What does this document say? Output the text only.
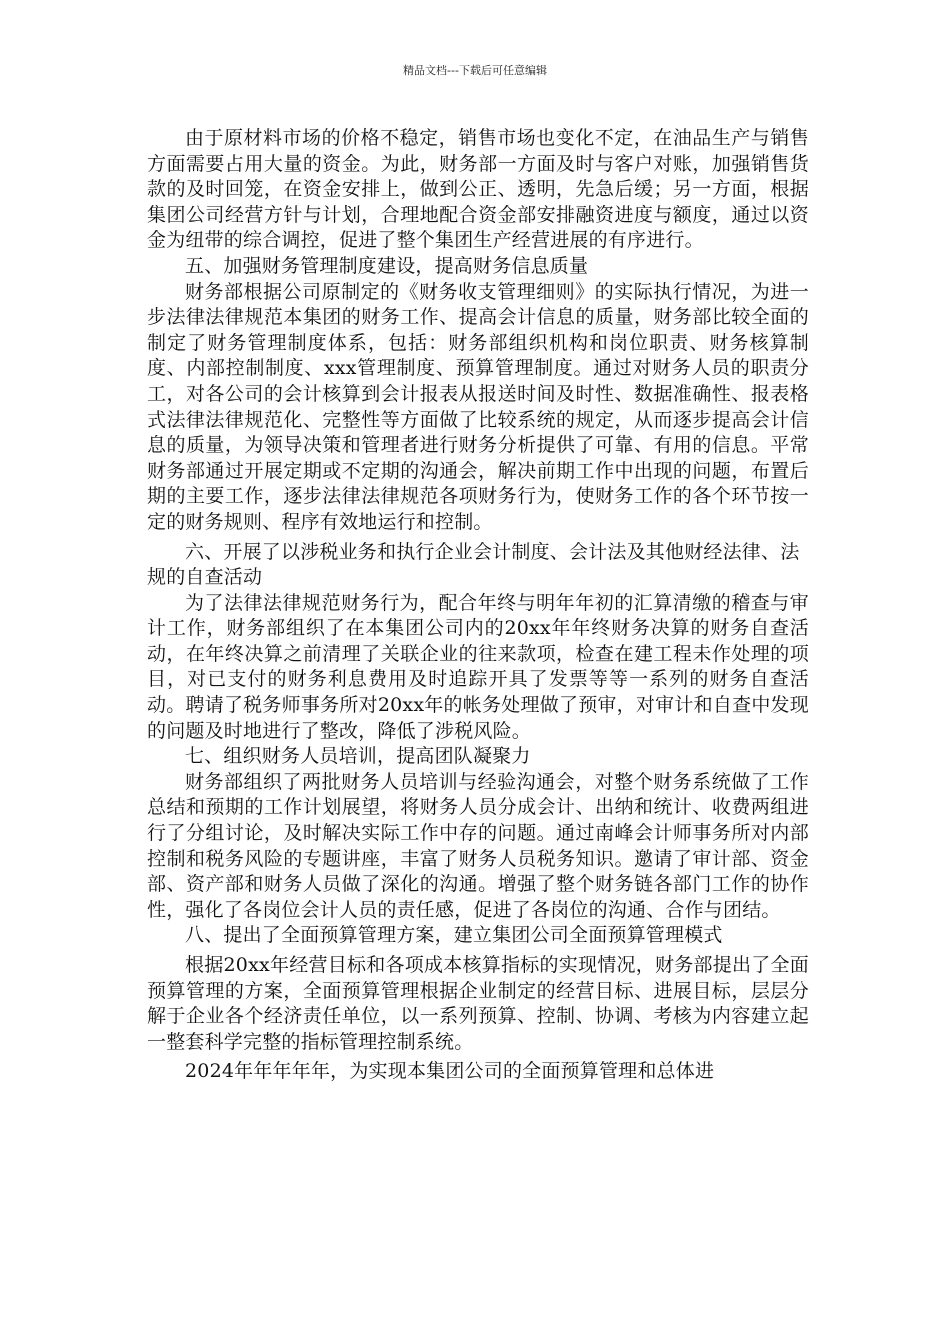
精品文档---下载后可任意编辑

由于原材料市场的价格不稳定，销售市场也变化不定，在油品生产与销售方面需要占用大量的资金。为此，财务部一方面及时与客户对账，加强销售货款的及时回笼，在资金安排上，做到公正、透明，先急后缓；另一方面，根据集团公司经营方针与计划，合理地配合资金部安排融资进度与额度，通过以资金为纽带的综合调控，促进了整个集团生产经营进展的有序进行。

五、加强财务管理制度建设，提高财务信息质量

财务部根据公司原制定的《财务收支管理细则》的实际执行情况，为进一步法律法律规范本集团的财务工作、提高会计信息的质量，财务部比较全面的制定了财务管理制度体系，包括：财务部组织机构和岗位职责、财务核算制度、内部控制制度、xxx管理制度、预算管理制度。通过对财务人员的职责分工，对各公司的会计核算到会计报表从报送时间及时性、数据准确性、报表格式法律法律规范化、完整性等方面做了比较系统的规定，从而逐步提高会计信息的质量，为领导决策和管理者进行财务分析提供了可靠、有用的信息。平常财务部通过开展定期或不定期的沟通会，解决前期工作中出现的问题，布置后期的主要工作，逐步法律法律规范各项财务行为，使财务工作的各个环节按一定的财务规则、程序有效地运行和控制。

六、开展了以涉税业务和执行企业会计制度、会计法及其他财经法律、法规的自查活动

为了法律法律规范财务行为，配合年终与明年年初的汇算清缴的稽查与审计工作，财务部组织了在本集团公司内的20xx年年终财务决算的财务自查活动，在年终决算之前清理了关联企业的往来款项，检查在建工程未作处理的项目，对已支付的财务利息费用及时追踪开具了发票等等一系列的财务自查活动。聘请了税务师事务所对20xx年的帐务处理做了预审，对审计和自查中发现的问题及时地进行了整改，降低了涉税风险。

七、组织财务人员培训，提高团队凝聚力

财务部组织了两批财务人员培训与经验沟通会，对整个财务系统做了工作总结和预期的工作计划展望，将财务人员分成会计、出纳和统计、收费两组进行了分组讨论，及时解决实际工作中存的问题。通过南峰会计师事务所对内部控制和税务风险的专题讲座，丰富了财务人员税务知识。邀请了审计部、资金部、资产部和财务人员做了深化的沟通。增强了整个财务链各部门工作的协作性，强化了各岗位会计人员的责任感，促进了各岗位的沟通、合作与团结。

八、提出了全面预算管理方案，建立集团公司全面预算管理模式

根据20xx年经营目标和各项成本核算指标的实现情况，财务部提出了全面预算管理的方案，全面预算管理根据企业制定的经营目标、进展目标，层层分解于企业各个经济责任单位，以一系列预算、控制、协调、考核为内容建立起一整套科学完整的指标管理控制系统。

2024年年年年年，为实现本集团公司的全面预算管理和总体进
